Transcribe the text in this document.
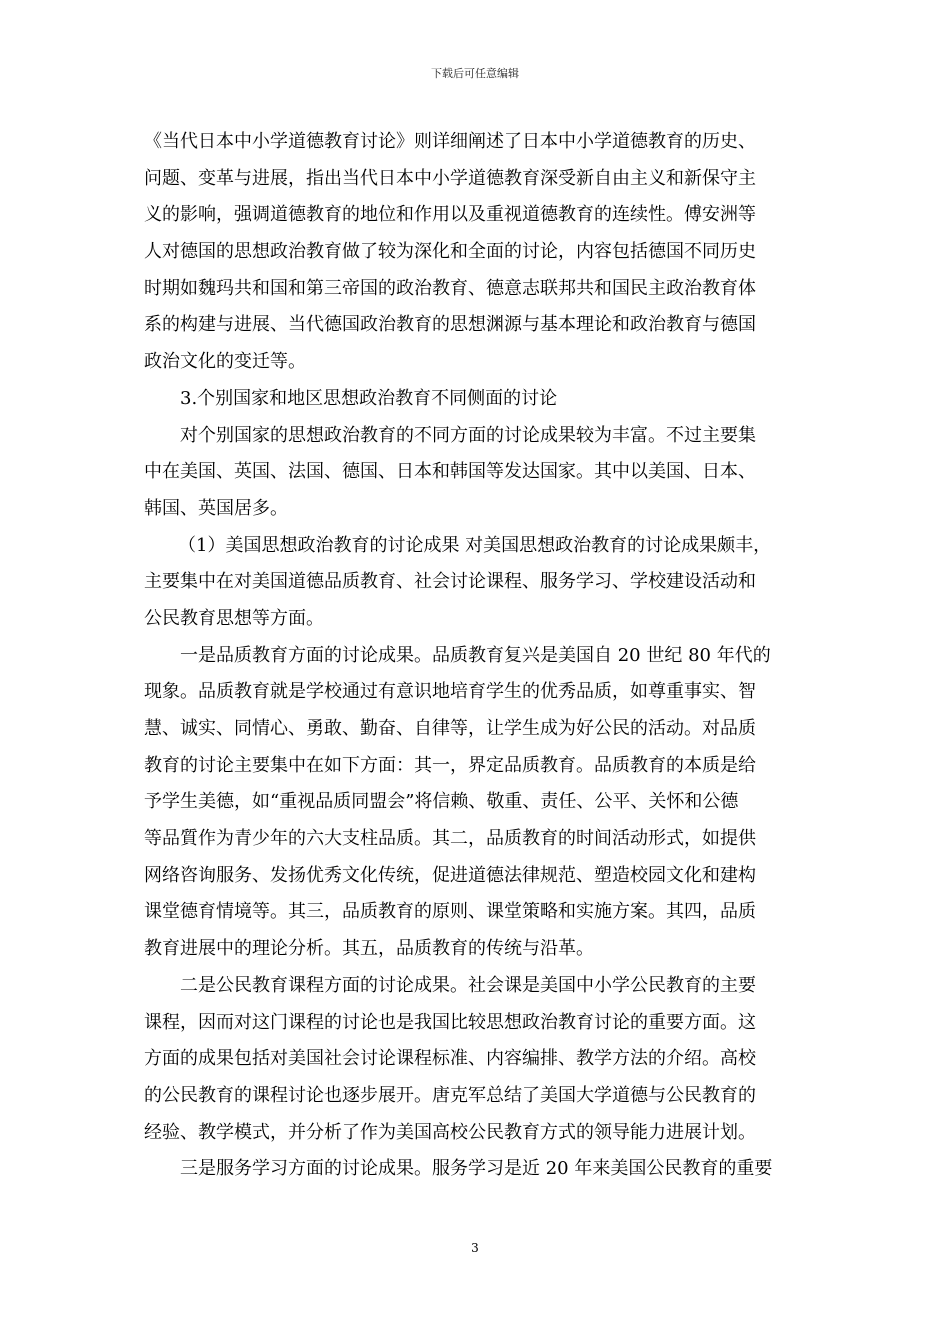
下载后可任意编辑
《当代日本中小学道德教育讨论》则详细阐述了日本中小学道德教育的历史、
问题、变革与进展，指出当代日本中小学道德教育深受新自由主义和新保守主
义的影响，强调道德教育的地位和作用以及重视道德教育的连续性。傅安洲等
人对德国的思想政治教育做了较为深化和全面的讨论，内容包括德国不同历史
时期如魏玛共和国和第三帝国的政治教育、德意志联邦共和国民主政治教育体
系的构建与进展、当代德国政治教育的思想渊源与基本理论和政治教育与德国
政治文化的变迁等。
3.个别国家和地区思想政治教育不同侧面的讨论
对个别国家的思想政治教育的不同方面的讨论成果较为丰富。不过主要集
中在美国、英国、法国、德国、日本和韩国等发达国家。其中以美国、日本、
韩国、英国居多。
（1）美国思想政治教育的讨论成果 对美国思想政治教育的讨论成果颇丰，
主要集中在对美国道德品质教育、社会讨论课程、服务学习、学校建设活动和
公民教育思想等方面。
一是品质教育方面的讨论成果。品质教育复兴是美国自 20 世纪 80 年代的
现象。品质教育就是学校通过有意识地培育学生的优秀品质，如尊重事实、智
慧、诚实、同情心、勇敢、勤奋、自律等，让学生成为好公民的活动。对品质
教育的讨论主要集中在如下方面：其一，界定品质教育。品质教育的本质是给
予学生美德，如“重视品质同盟会”将信赖、敬重、责任、公平、关怀和公德
等品質作为青少年的六大支柱品质。其二，品质教育的时间活动形式，如提供
网络咨询服务、发扬优秀文化传统，促进道德法律规范、塑造校园文化和建构
课堂德育情境等。其三，品质教育的原则、课堂策略和实施方案。其四，品质
教育进展中的理论分析。其五，品质教育的传统与沿革。
二是公民教育课程方面的讨论成果。社会课是美国中小学公民教育的主要
课程，因而对这门课程的讨论也是我国比较思想政治教育讨论的重要方面。这
方面的成果包括对美国社会讨论课程标准、内容编排、教学方法的介绍。高校
的公民教育的课程讨论也逐步展开。唐克军总结了美国大学道德与公民教育的
经验、教学模式，并分析了作为美国高校公民教育方式的领导能力进展计划。
三是服务学习方面的讨论成果。服务学习是近 20 年来美国公民教育的重要
3
